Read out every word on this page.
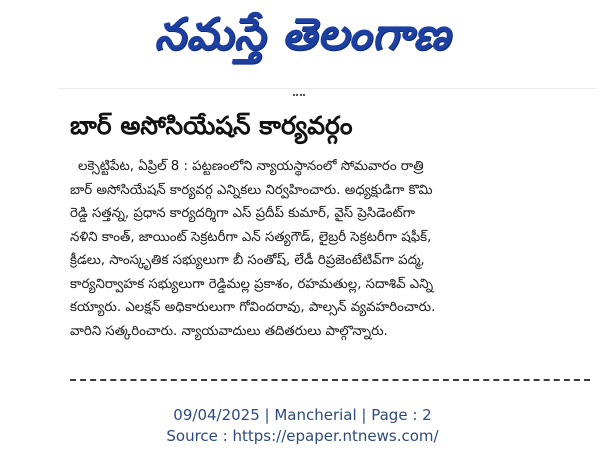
నమస్తే తెలంగాణ
బార్ అసోసియేషన్ కార్యవర్గం
లక్సెట్టిపేట, ఏప్రిల్ 8 : పట్టణంలోని న్యాయస్థానంలో సోమవారం రాత్రి
బార్ అసోసియేషన్ కార్యవర్గ ఎన్నికలు నిర్వహించారు. అధ్యక్షుడిగా కొమి
రెడ్డి సత్తన్న, ప్రధాన కార్యదర్శిగా ఎస్ ప్రదీప్ కుమార్, వైస్ ప్రెసిడెంట్‌గా
నళిని కాంత్, జాయింట్ సెక్రటరీగా ఎన్ సత్యగౌడ్, లైబ్రరీ సెక్రటరీగా షఫీక్,
క్రీడలు, సాంస్కృతిక సభ్యులుగా బీ సంతోష్, లేడీ రిప్రజెంటేటివ్‌గా పద్మ,
కార్యనిర్వాహక సభ్యులుగా రెడ్డిమల్ల ప్రకాశం, రహమతుల్ల, సదాశివ్ ఎన్ని
కయ్యారు. ఎలక్షన్ అధికారులుగా గోవిందరావు, పాల్సన్ వ్యవహరించారు.
వారిని సత్కరించారు. న్యాయవాదులు తదితరులు పాల్గొన్నారు.
09/04/2025 | Mancherial | Page : 2
Source : https://epaper.ntnews.com/
